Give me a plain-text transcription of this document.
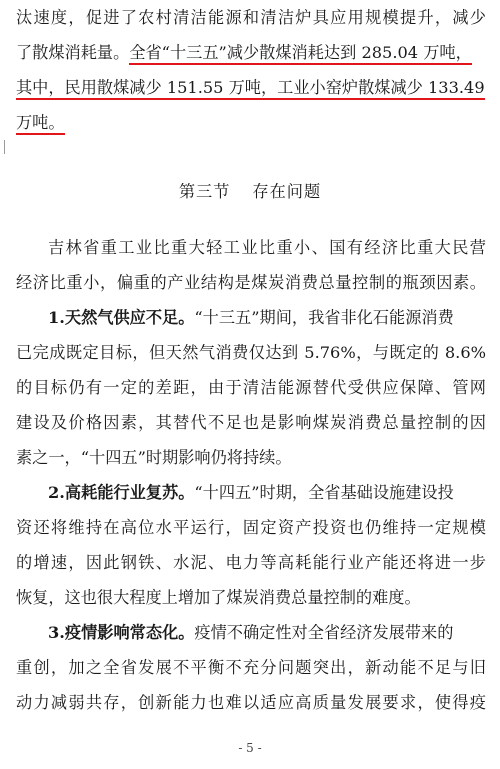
汰速度，促进了农村清洁能源和清洁炉具应用规模提升，减少
了散煤消耗量。全省“十三五”减少散煤消耗达到 285.04 万吨，
其中，民用散煤减少 151.55 万吨，工业小窑炉散煤减少 133.49
万吨。
第三节 存在问题
吉林省重工业比重大轻工业比重小、国有经济比重大民营
经济比重小，偏重的产业结构是煤炭消费总量控制的瓶颈因素。
1.天然气供应不足。“十三五”期间，我省非化石能源消费
已完成既定目标，但天然气消费仅达到 5.76%，与既定的 8.6%
的目标仍有一定的差距，由于清洁能源替代受供应保障、管网
建设及价格因素，其替代不足也是影响煤炭消费总量控制的因
素之一，“十四五”时期影响仍将持续。
2.高耗能行业复苏。“十四五”时期，全省基础设施建设投
资还将维持在高位水平运行，固定资产投资也仍维持一定规模
的增速，因此钢铁、水泥、电力等高耗能行业产能还将进一步
恢复，这也很大程度上增加了煤炭消费总量控制的难度。
3.疫情影响常态化。疫情不确定性对全省经济发展带来的
重创，加之全省发展不平衡不充分问题突出，新动能不足与旧
动力减弱共存，创新能力也难以适应高质量发展要求，使得疫
- 5 -
